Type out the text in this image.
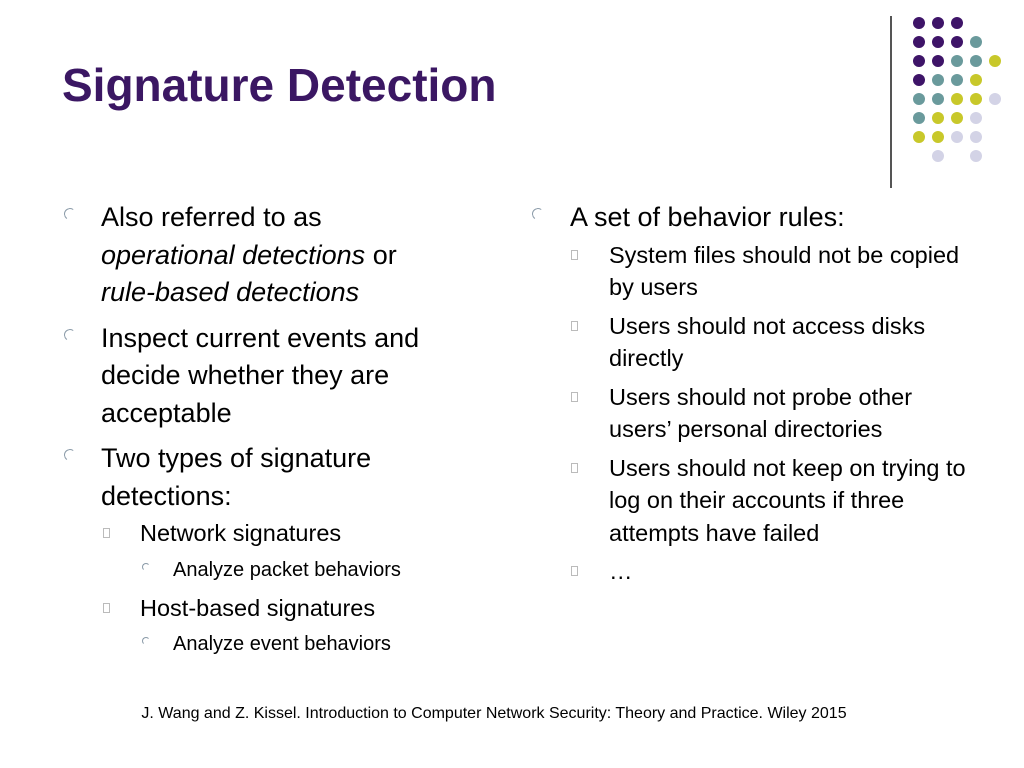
Signature Detection
Also referred to as
operational detections or
rule-based detections
Inspect current events and decide whether they are acceptable
Two types of signature detections:
Network signatures
Analyze packet behaviors
Host-based signatures
Analyze event behaviors
A set of behavior rules:
System files should not be copied by users
Users should not access disks directly
Users should not probe other users’ personal directories
Users should not keep on trying to log on their accounts if three attempts have failed
…
J. Wang and Z. Kissel. Introduction to Computer Network Security: Theory and Practice. Wiley 2015
